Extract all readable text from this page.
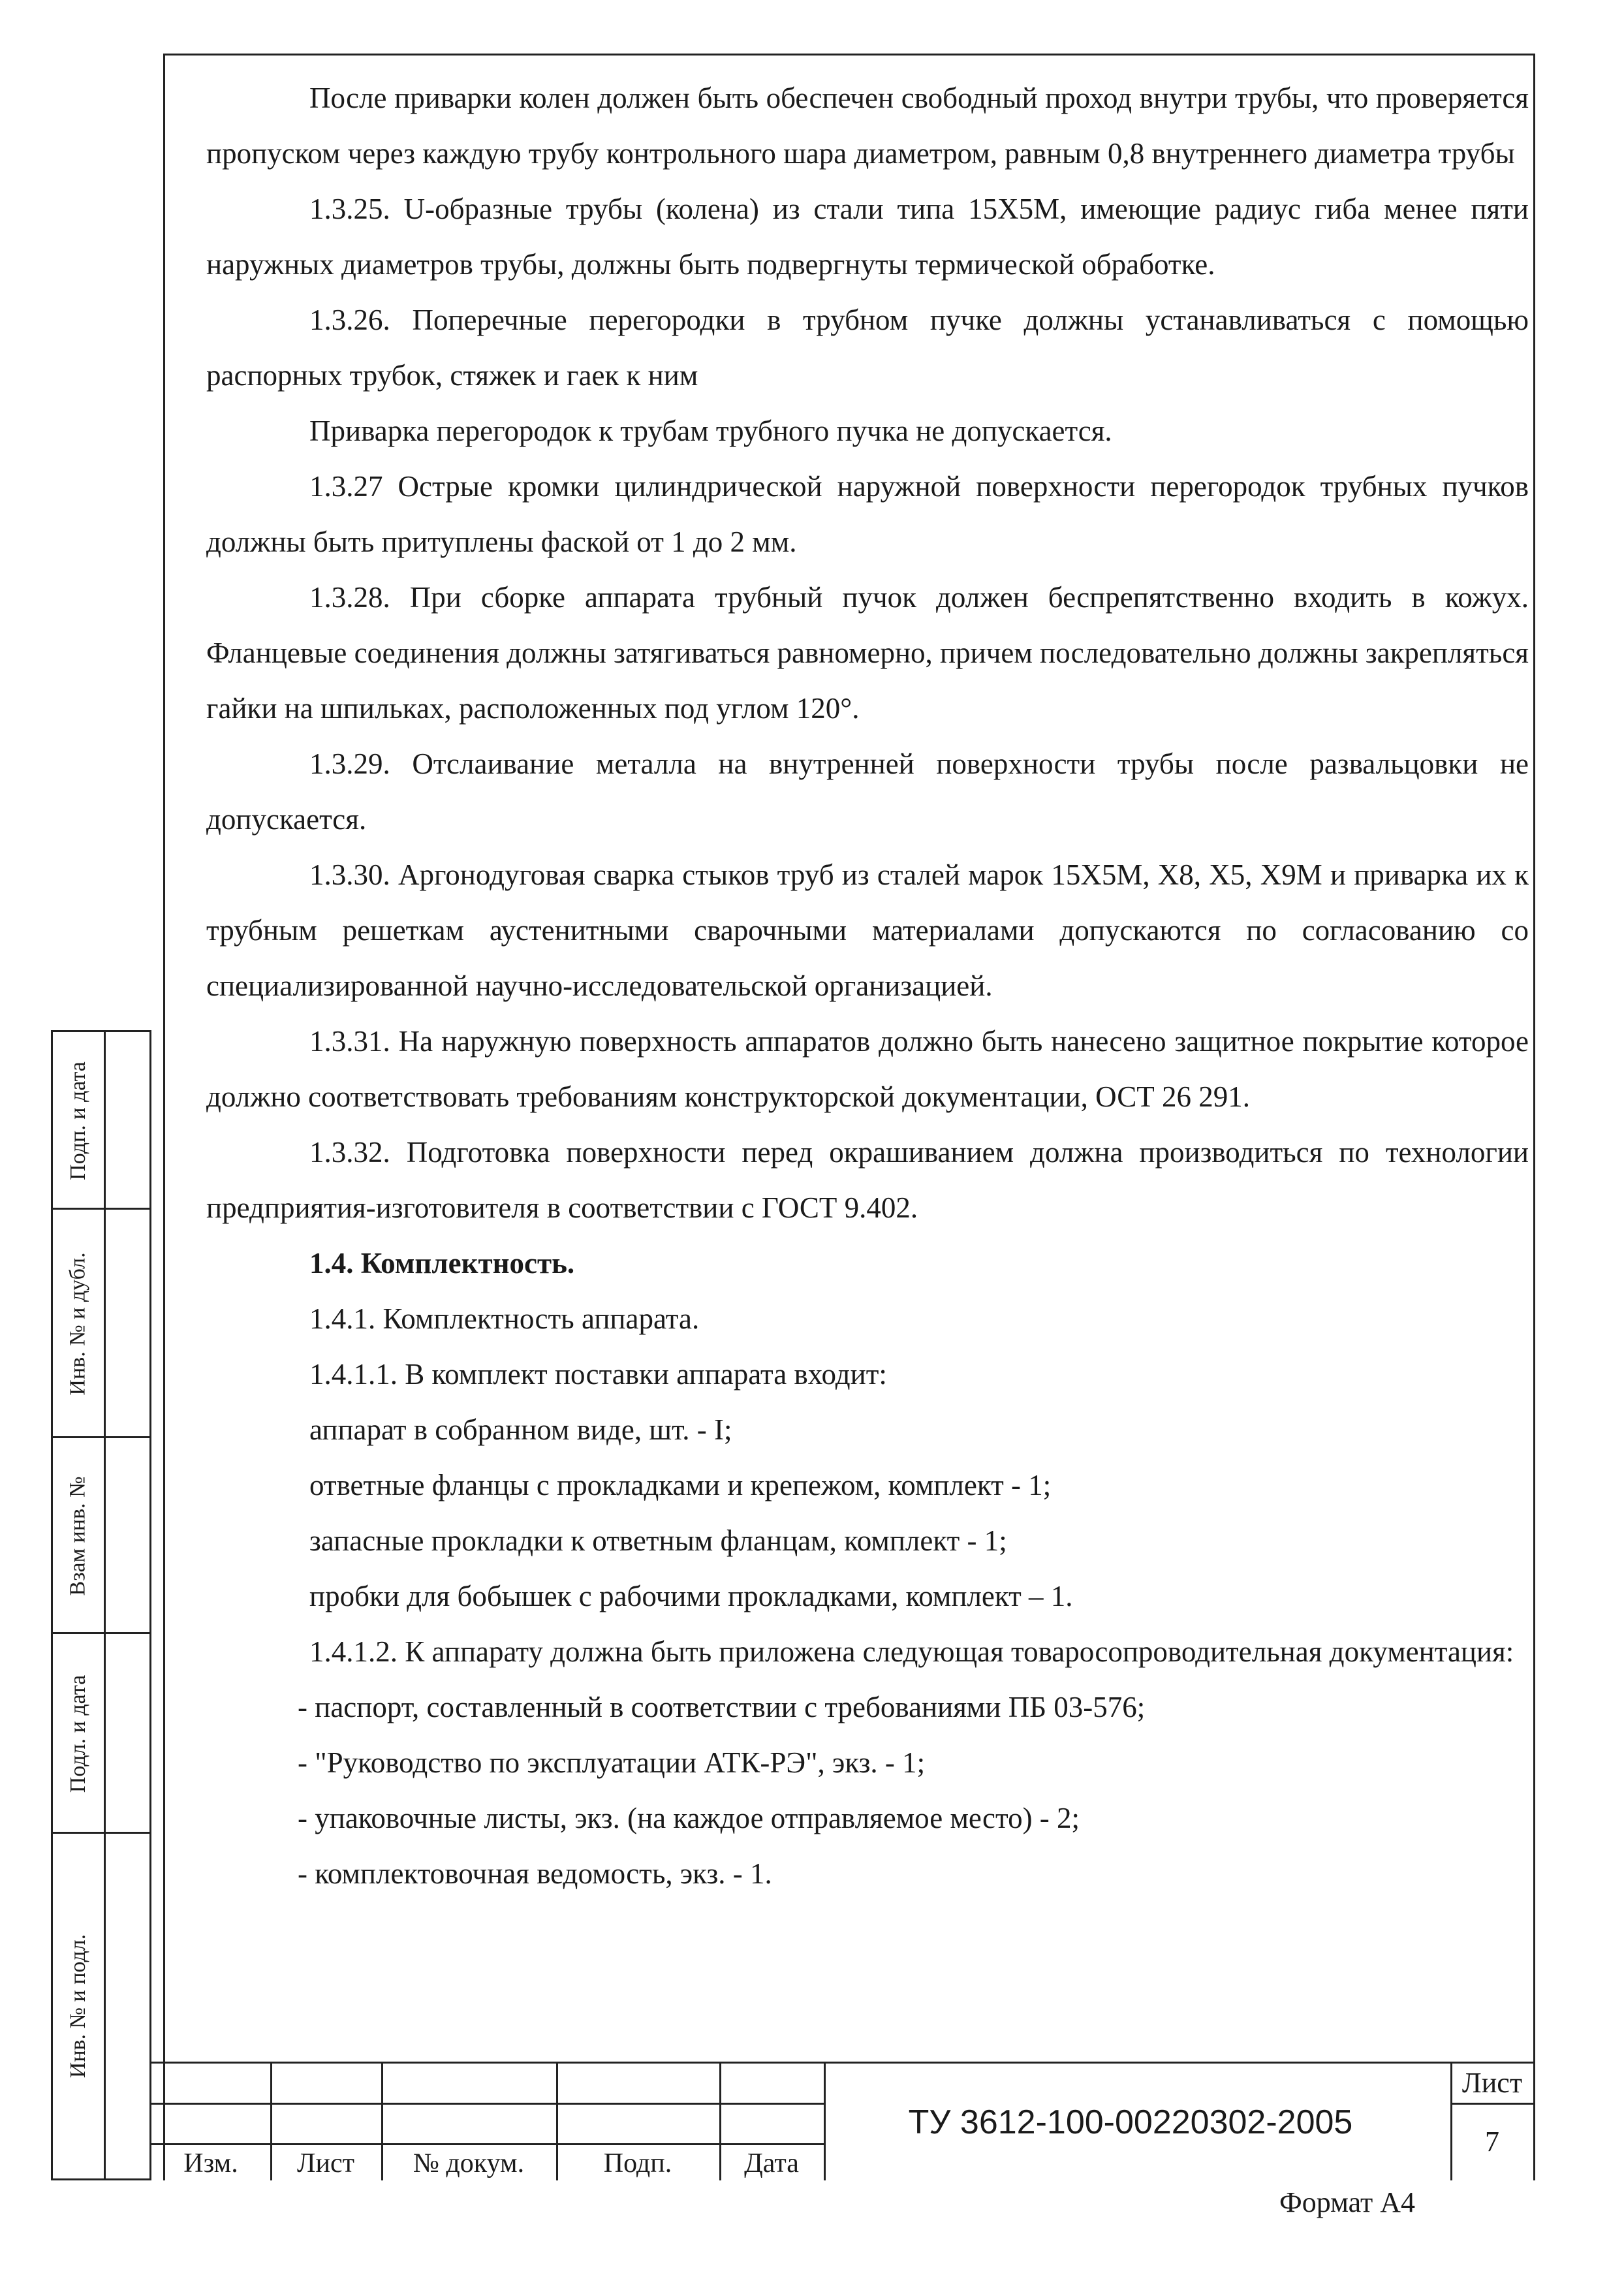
Подп. и дата
Инв. № и дубл.
Взам инв. №
Подл. и дата
Инв. № и подл.

После приварки колен должен быть обеспечен свободный проход внутри трубы, что проверяется пропуском через каждую трубу контрольного шара диаметром, равным 0,8 внутреннего диаметра трубы

1.3.25. U-образные трубы (колена) из стали типа 15Х5М, имеющие радиус гиба менее пяти наружных диаметров трубы, должны быть подвергнуты термической обработке.

1.3.26. Поперечные перегородки в трубном пучке должны устанавливаться с помощью распорных трубок, стяжек и гаек к ним

Приварка перегородок к трубам трубного пучка не допускается.

1.3.27 Острые кромки цилиндрической наружной поверхности перегородок трубных пучков должны быть притуплены фаской от 1 до 2 мм.

1.3.28. При сборке аппарата трубный пучок должен беспрепятственно входить в кожух. Фланцевые соединения должны затягиваться равномерно, причем последовательно должны закрепляться гайки на шпильках, расположенных под углом 120°.

1.3.29. Отслаивание металла на внутренней поверхности трубы после развальцовки не допускается.

1.3.30. Аргонодуговая сварка стыков труб из сталей марок 15Х5М, Х8, Х5, Х9М и приварка их к трубным решеткам аустенитными сварочными материалами допускаются по согласованию со специализированной научно-исследовательской организацией.

1.3.31. На наружную поверхность аппаратов должно быть нанесено защитное покрытие которое должно соответствовать требованиям конструкторской документации, ОСТ 26 291.

1.3.32. Подготовка поверхности перед окрашиванием должна производиться по технологии предприятия-изготовителя в соответствии с ГОСТ 9.402.

1.4. Комплектность.

1.4.1. Комплектность аппарата.

1.4.1.1. В комплект поставки аппарата входит:

аппарат в собранном виде, шт. - I;

ответные фланцы с прокладками и крепежом, комплект - 1;

запасные прокладки к ответным фланцам, комплект - 1;

пробки для бобышек с рабочими прокладками, комплект – 1.

1.4.1.2. К аппарату должна быть приложена следующая товаросопроводительная документация:

- паспорт, составленный в соответствии с требованиями ПБ 03-576;

- "Руководство по эксплуатации АТК-РЭ", экз. - 1;

- упаковочные листы, экз. (на каждое отправляемое место) - 2;

- комплектовочная ведомость, экз. - 1.

Изм.	Лист	№ докум.	Подп.	Дата
ТУ 3612-100-00220302-2005
Лист
7
Формат А4
